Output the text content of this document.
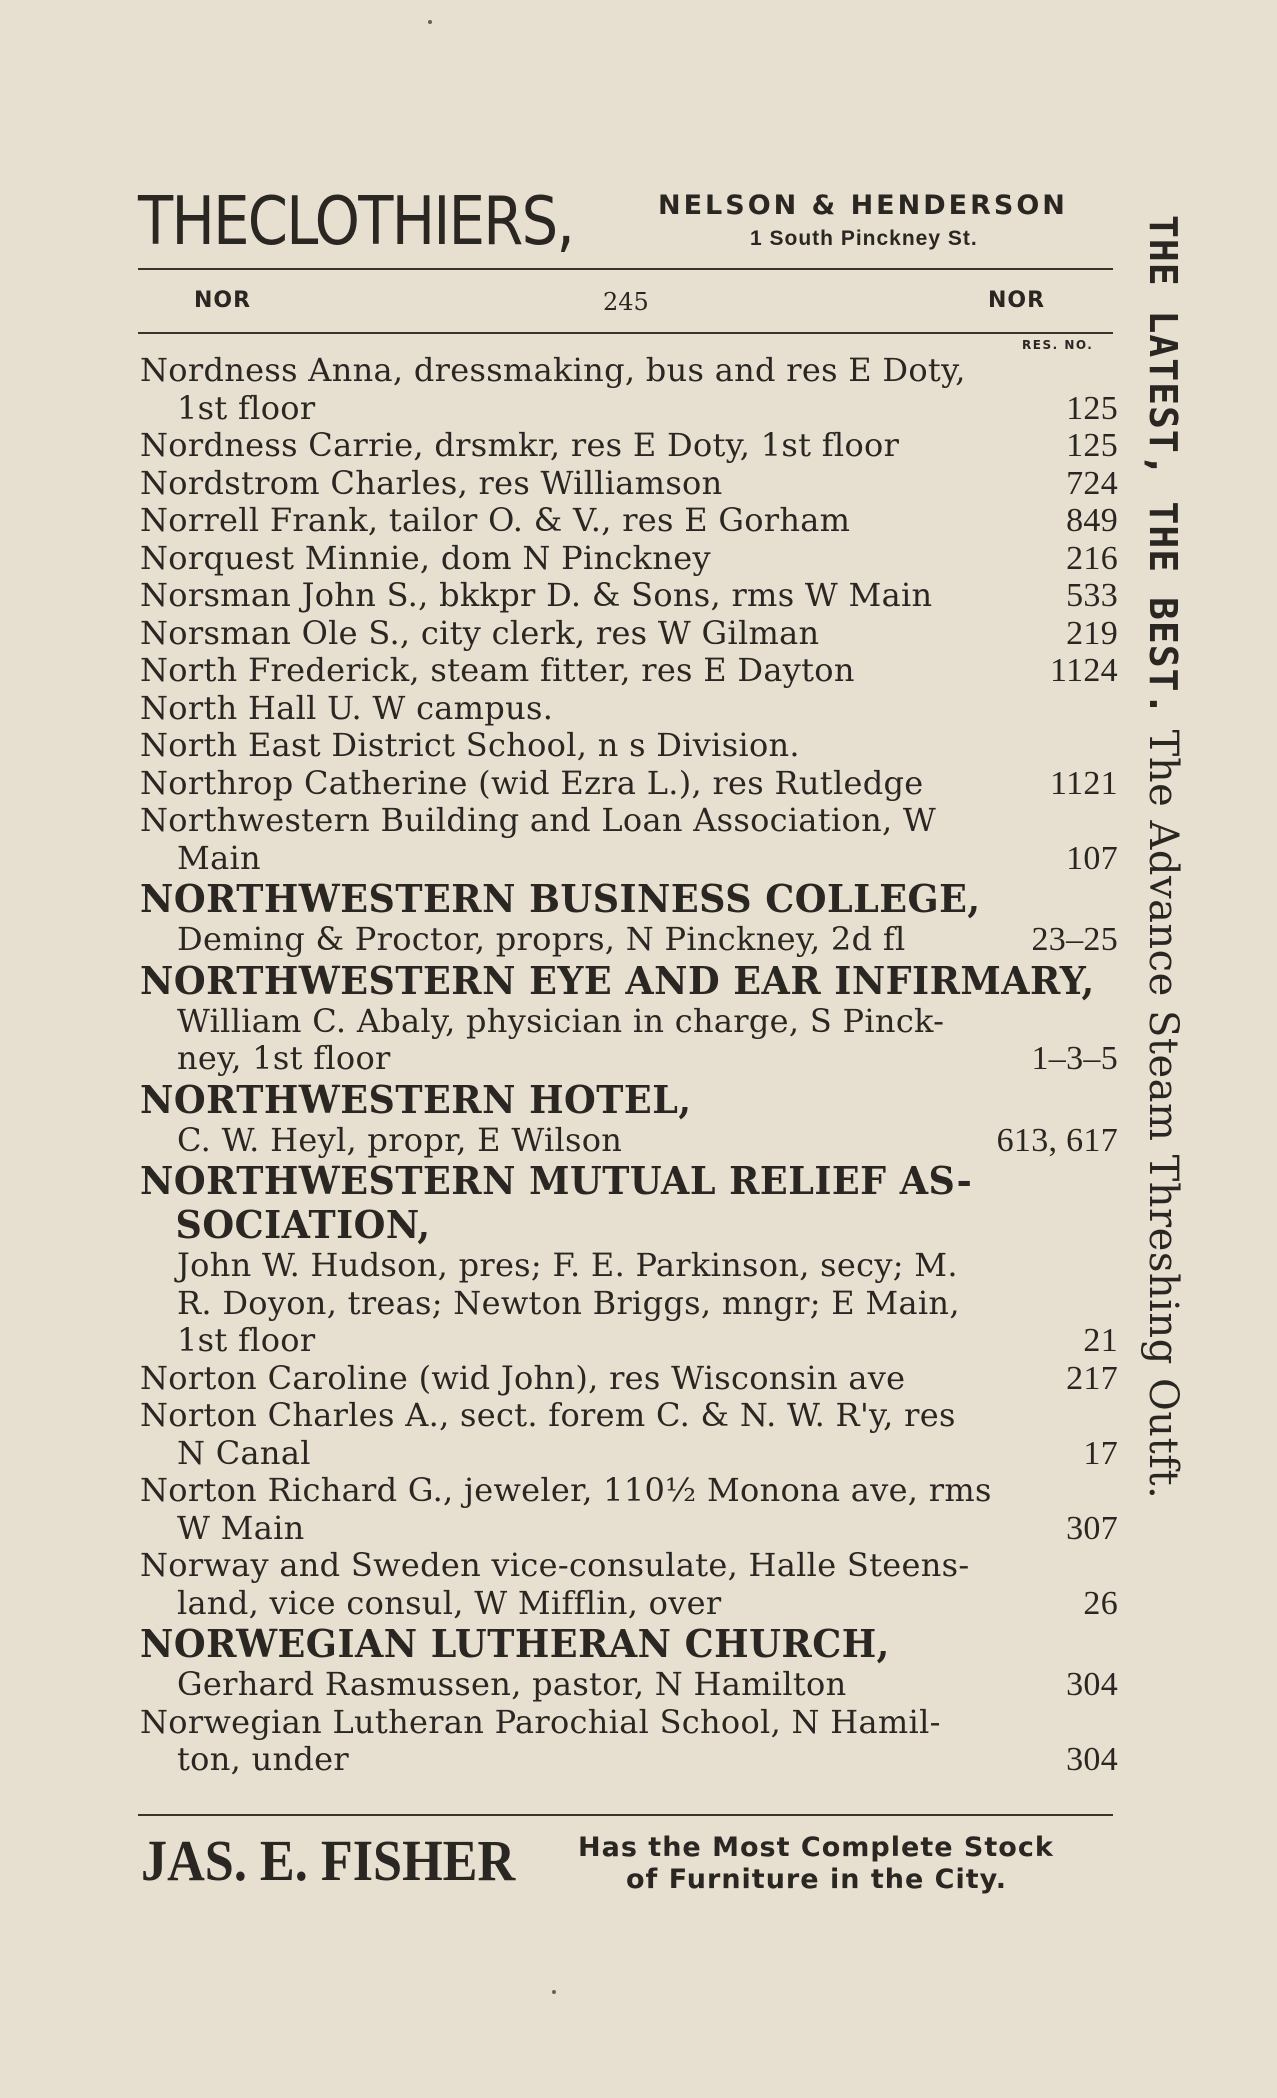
THECLOTHIERS,	NELSON & HENDERSON
1 South Pinckney St.
NOR	245	NOR
RES. NO.
Nordness Anna, dressmaking, bus and res E Doty,
1st floor	125
Nordness Carrie, drsmkr, res E Doty, 1st floor	125
Nordstrom Charles, res Williamson	724
Norrell Frank, tailor O. & V., res E Gorham	849
Norquest Minnie, dom N Pinckney	216
Norsman John S., bkkpr D. & Sons, rms W Main	533
Norsman Ole S., city clerk, res W Gilman	219
North Frederick, steam fitter, res E Dayton	1124
North Hall U. W campus.
North East District School, n s Division.
Northrop Catherine (wid Ezra L.), res Rutledge	1121
Northwestern Building and Loan Association, W
Main	107
NORTHWESTERN BUSINESS COLLEGE,
Deming & Proctor, proprs, N Pinckney, 2d fl	23–25
NORTHWESTERN EYE AND EAR INFIRMARY,
William C. Abaly, physician in charge, S Pinck-
ney, 1st floor	1–3–5
NORTHWESTERN HOTEL,
C. W. Heyl, propr, E Wilson	613, 617
NORTHWESTERN MUTUAL RELIEF AS-
SOCIATION,
John W. Hudson, pres; F. E. Parkinson, secy; M.
R. Doyon, treas; Newton Briggs, mngr; E Main,
1st floor	21
Norton Caroline (wid John), res Wisconsin ave	217
Norton Charles A., sect. forem C. & N. W. R'y, res
N Canal	17
Norton Richard G., jeweler, 110½ Monona ave, rms
W Main	307
Norway and Sweden vice-consulate, Halle Steens-
land, vice consul, W Mifflin, over	26
NORWEGIAN LUTHERAN CHURCH,
Gerhard Rasmussen, pastor, N Hamilton	304
Norwegian Lutheran Parochial School, N Hamil-
ton, under	304
THE LATEST, THE BEST. The Advance Steam Threshing Outft.
JAS. E. FISHER Has the Most Complete Stock
of Furniture in the City.
